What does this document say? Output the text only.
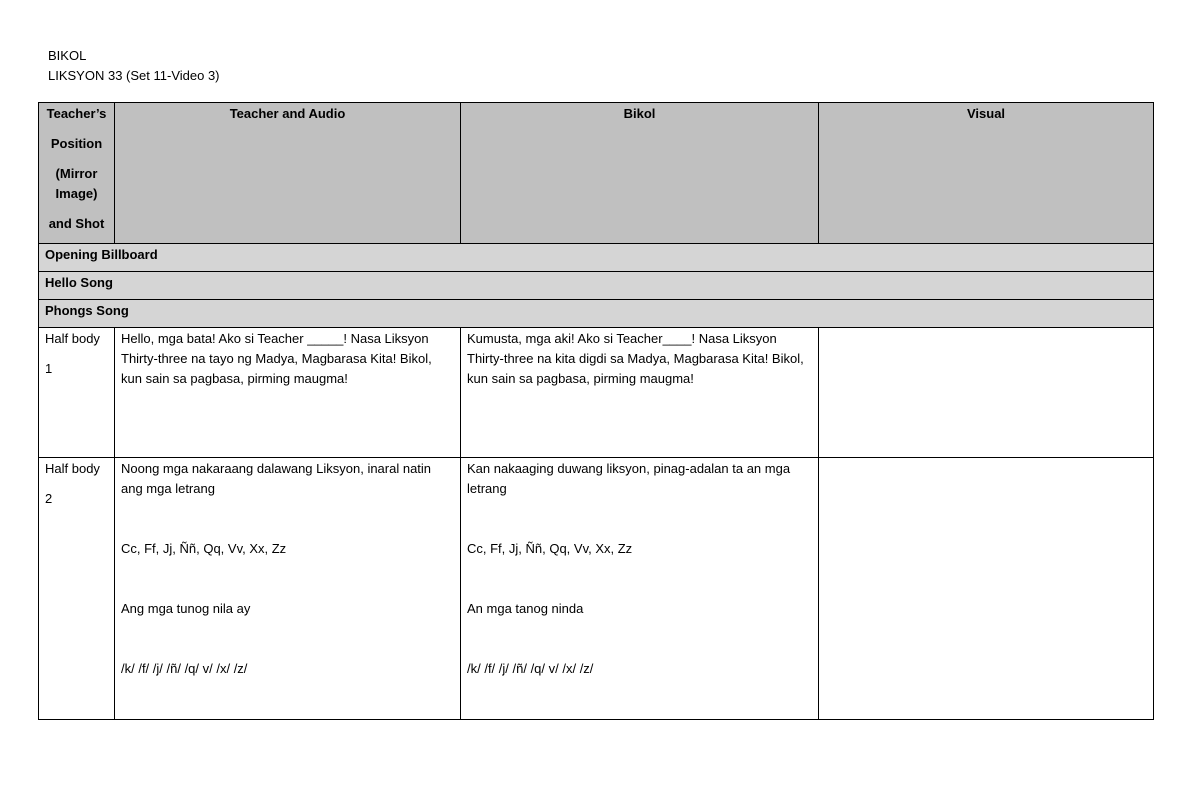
BIKOL
LIKSYON 33 (Set 11-Video 3)
Teacher’s
Position
(Mirror Image)
and Shot	Teacher and Audio	Bikol	Visual
Opening Billboard			
Hello Song			
Phongs Song			

Half body
1	Hello, mga bata! Ako si Teacher _____! Nasa Liksyon Thirty-three na tayo ng Madya, Magbarasa Kita! Bikol, kun sain sa pagbasa, pirming maugma!	Kumusta, mga aki! Ako si Teacher____! Nasa Liksyon Thirty-three na kita digdi sa Madya, Magbarasa Kita! Bikol, kun sain sa pagbasa, pirming maugma!	

Half body
2	Noong mga nakaraang dalawang Liksyon, inaral natin ang mga letrang
Cc, Ff, Jj, Ññ, Qq, Vv, Xx, Zz
Ang mga tunog nila ay
/k/ /f/ /j/ /ñ/ /q/ v/ /x/ /z/	Kan nakaaging duwang liksyon, pinag-adalan ta an mga letrang
Cc, Ff, Jj, Ññ, Qq, Vv, Xx, Zz
An mga tanog ninda
/k/ /f/ /j/ /ñ/ /q/ v/ /x/ /z/	
